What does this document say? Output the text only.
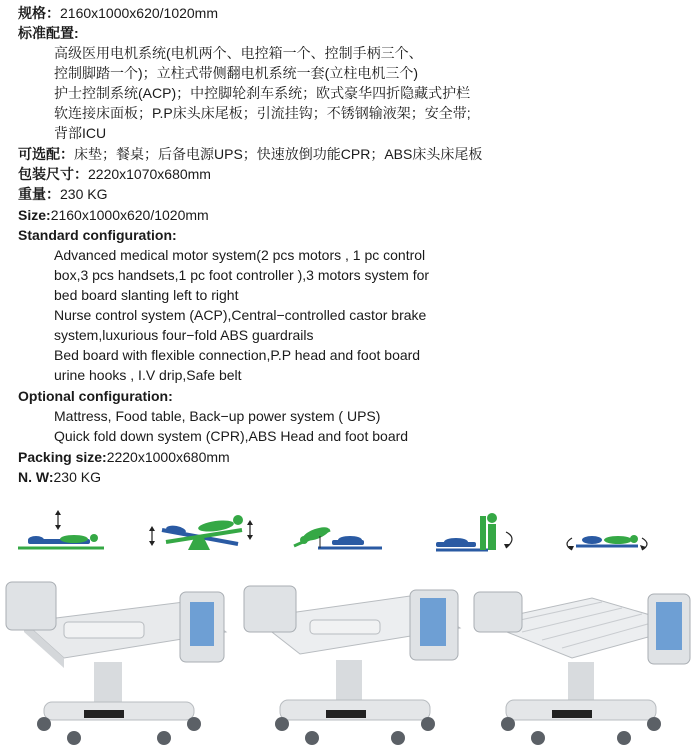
规格：2160x1000x620/1020mm
标准配置:
高级医用电机系统(电机两个、电控箱一个、控制手柄三个、
控制脚踏一个)；立柱式带侧翻电机系统一套(立柱电机三个)
护士控制系统(ACP)；中控脚轮刹车系统；欧式豪华四折隐藏式护栏
软连接床面板；P.P床头床尾板；引流挂钩；不锈钢输液架；安全带;
背部ICU
可选配：床垫；餐桌；后备电源UPS；快速放倒功能CPR；ABS床头床尾板
包装尺寸：2220x1070x680mm
重量：230 KG
Size:2160x1000x620/1020mm
Standard configuration:
Advanced medical motor system(2 pcs motors , 1 pc control
box,3 pcs handsets,1 pc foot controller ),3 motors system for
bed board slanting left to right
Nurse control system (ACP),Central−controlled castor brake
system,luxurious four−fold ABS guardrails
Bed board with flexible connection,P.P head and foot board
urine hooks , I.V drip,Safe belt
Optional configuration:
Mattress, Food table, Back−up power system ( UPS)
Quick fold down system (CPR),ABS Head and foot board
Packing size:2220x1000x680mm
N. W:230 KG
